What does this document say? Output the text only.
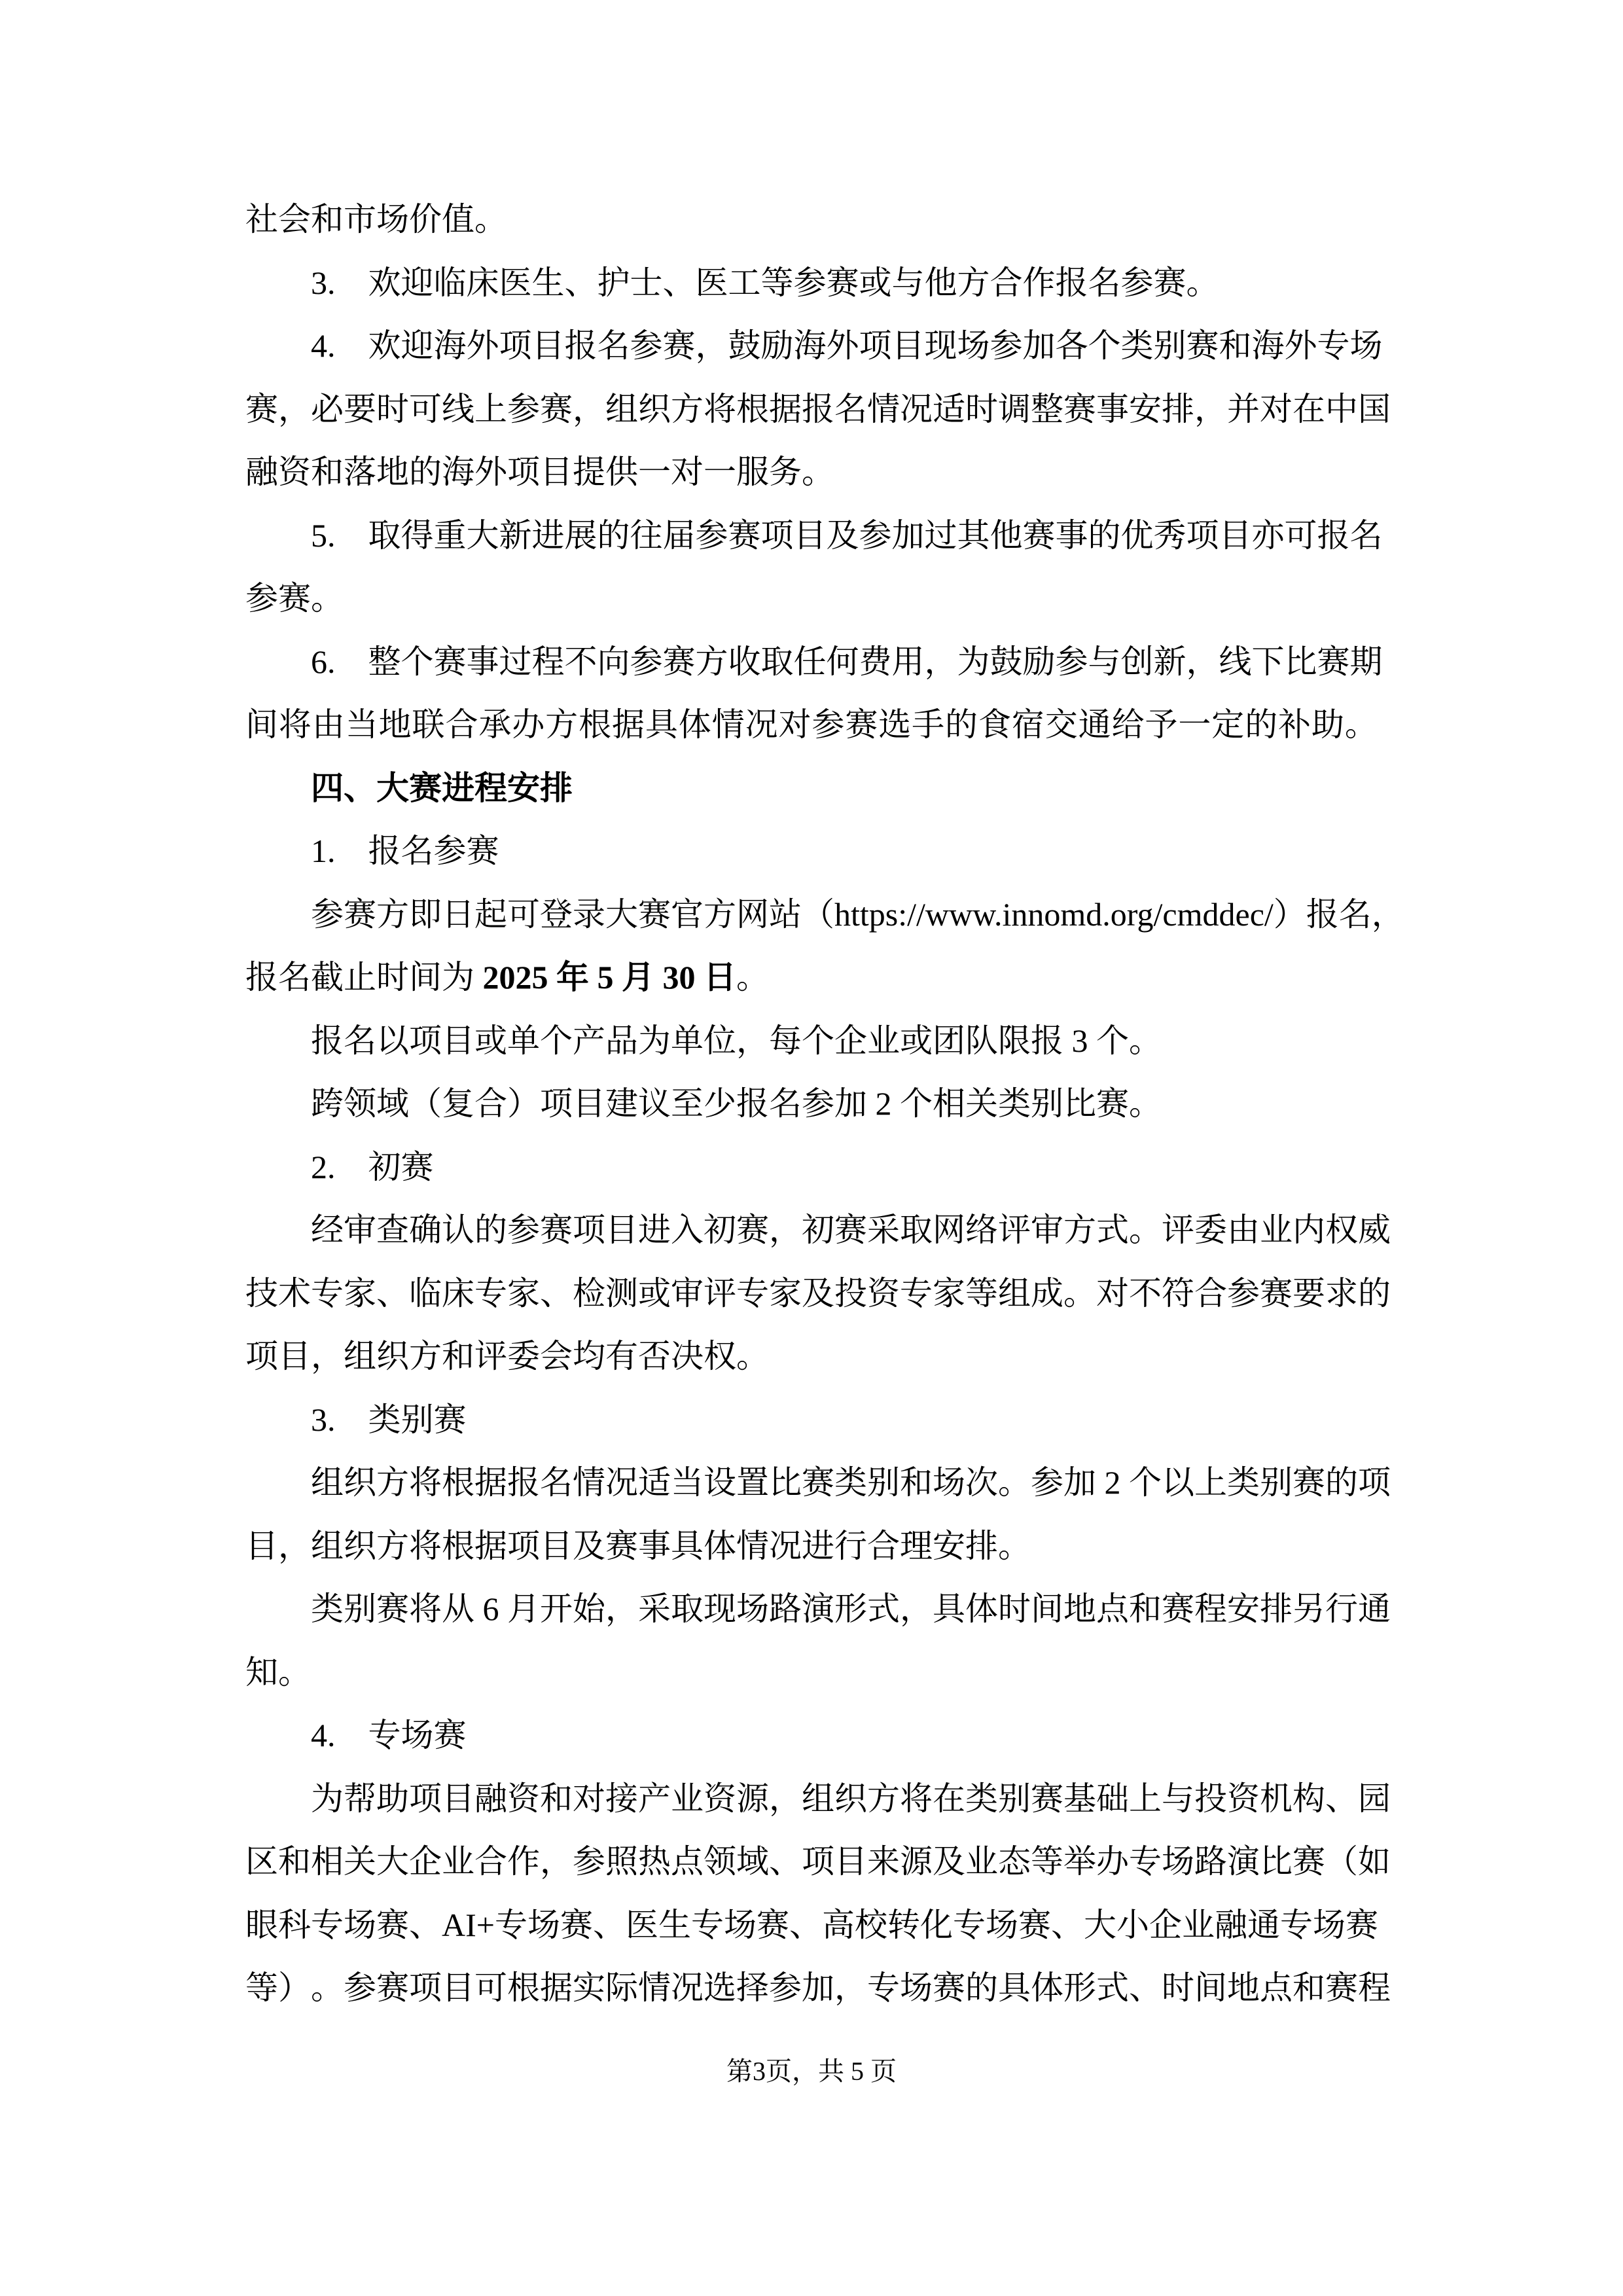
社会和市场价值。
3.　欢迎临床医生、护士、医工等参赛或与他方合作报名参赛。
4.
　 欢 迎 海 外 项 目 报 名 参 赛 ， 鼓 励 海 外 项 目 现 场 参 加 各 个 类 别 赛 和 海 外 专 场
赛 ， 必 要 时 可 线 上 参 赛 ， 组 织 方 将 根 据 报 名 情 况 适 时 调 整 赛 事 安 排 ， 并 对 在 中 国
融资和落地的海外项目提供一对一服务。
5.
　 取 得 重 大 新 进 展 的 往 届 参 赛 项 目 及 参 加 过 其 他 赛 事 的 优 秀 项 目 亦 可 报 名
参赛。
6.
　 整 个 赛 事 过 程 不 向 参 赛 方 收 取 任 何 费 用 ， 为 鼓 励 参 与 创 新 ， 线 下 比 赛 期
间 将 由 当 地 联 合 承 办 方 根 据 具 体 情 况 对 参 赛 选 手 的 食 宿 交 通 给 予 一 定 的 补 助 。
四、大赛进程安排
1.　报名参赛
参 赛 方 即 日 起 可 登 录 大 赛 官 方 网 站 （ https://www.innomd.org/cmddec/ ） 报 名 ，
报名截止时间为 2025 年 5 月 30 日。
报名以项目或单个产品为单位，每个企业或团队限报 3 个。
跨领域（复合）项目建议至少报名参加 2 个相关类别比赛。
2.　初赛
经 审 查 确 认 的 参 赛 项 目 进 入 初 赛 ， 初 赛 采 取 网 络 评 审 方 式 。 评 委 由 业 内 权 威
技 术 专 家 、 临 床 专 家 、 检 测 或 审 评 专 家 及 投 资 专 家 等 组 成 。 对 不 符 合 参 赛 要 求 的
项目，组织方和评委会均有否决权。
3.　类别赛
组 织 方 将 根 据 报 名 情 况 适 当 设 置 比 赛 类 别 和 场 次 。 参 加
2
个 以 上 类 别 赛 的 项
目，组织方将根据项目及赛事具体情况进行合理安排。
类 别 赛 将 从
6
月 开 始 ， 采 取 现 场 路 演 形 式 ， 具 体 时 间 地 点 和 赛 程 安 排 另 行 通
知。
4.　专场赛
为 帮 助 项 目 融 资 和 对 接 产 业 资 源 ， 组 织 方 将 在 类 别 赛 基 础 上 与 投 资 机 构 、 园
区 和 相 关 大 企 业 合 作 ， 参 照 热 点 领 域 、 项 目 来 源 及 业 态 等 举 办 专 场 路 演 比 赛 （ 如
眼 科 专 场 赛 、 AI+ 专 场 赛 、 医 生 专 场 赛 、 高 校 转 化 专 场 赛 、 大 小 企 业 融 通 专 场 赛
等 ） 。 参 赛 项 目 可 根 据 实 际 情 况 选 择 参 加 ， 专 场 赛 的 具 体 形 式 、 时 间 地 点 和 赛 程
第3页，共 5 页
